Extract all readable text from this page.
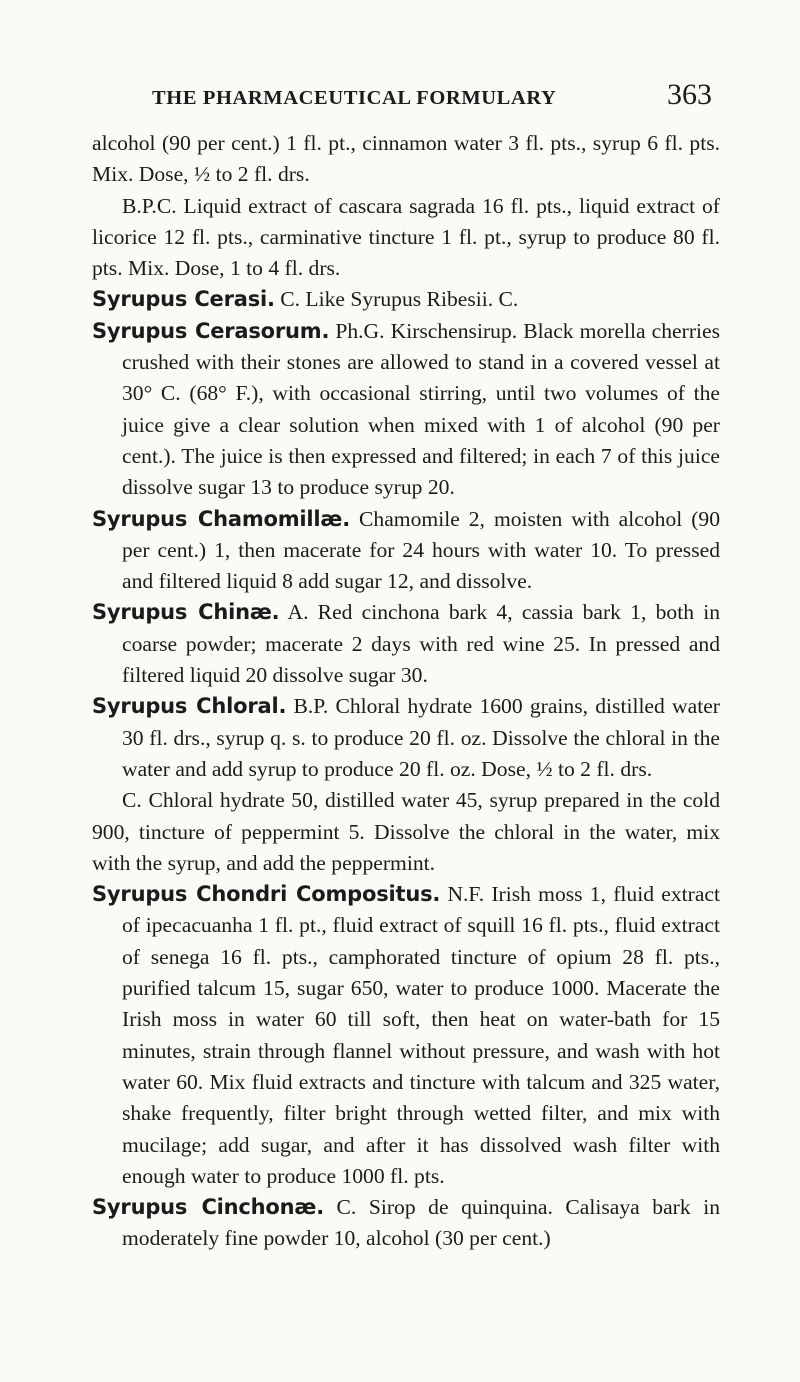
THE PHARMACEUTICAL FORMULARY	363

alcohol (90 per cent.) 1 fl. pt., cinnamon water 3 fl. pts., syrup 6 fl. pts. Mix. Dose, ½ to 2 fl. drs.

B.P.C. Liquid extract of cascara sagrada 16 fl. pts., liquid extract of licorice 12 fl. pts., carminative tincture 1 fl. pt., syrup to produce 80 fl. pts. Mix. Dose, 1 to 4 fl. drs.

Syrupus Cerasi. C. Like Syrupus Ribesii. C.

Syrupus Cerasorum. Ph.G. Kirschensirup. Black morella cherries crushed with their stones are allowed to stand in a covered vessel at 30° C. (68° F.), with occasional stirring, until two volumes of the juice give a clear solution when mixed with 1 of alcohol (90 per cent.). The juice is then expressed and filtered; in each 7 of this juice dissolve sugar 13 to produce syrup 20.

Syrupus Chamomillæ. Chamomile 2, moisten with alcohol (90 per cent.) 1, then macerate for 24 hours with water 10. To pressed and filtered liquid 8 add sugar 12, and dissolve.

Syrupus Chinæ. A. Red cinchona bark 4, cassia bark 1, both in coarse powder; macerate 2 days with red wine 25. In pressed and filtered liquid 20 dissolve sugar 30.

Syrupus Chloral. B.P. Chloral hydrate 1600 grains, distilled water 30 fl. drs., syrup q. s. to produce 20 fl. oz. Dissolve the chloral in the water and add syrup to produce 20 fl. oz. Dose, ½ to 2 fl. drs.

C. Chloral hydrate 50, distilled water 45, syrup prepared in the cold 900, tincture of peppermint 5. Dissolve the chloral in the water, mix with the syrup, and add the peppermint.

Syrupus Chondri Compositus. N.F. Irish moss 1, fluid extract of ipecacuanha 1 fl. pt., fluid extract of squill 16 fl. pts., fluid extract of senega 16 fl. pts., camphorated tincture of opium 28 fl. pts., purified talcum 15, sugar 650, water to produce 1000. Macerate the Irish moss in water 60 till soft, then heat on water-bath for 15 minutes, strain through flannel without pressure, and wash with hot water 60. Mix fluid extracts and tincture with talcum and 325 water, shake frequently, filter bright through wetted filter, and mix with mucilage; add sugar, and after it has dissolved wash filter with enough water to produce 1000 fl. pts.

Syrupus Cinchonæ. C. Sirop de quinquina. Calisaya bark in moderately fine powder 10, alcohol (30 per cent.)
